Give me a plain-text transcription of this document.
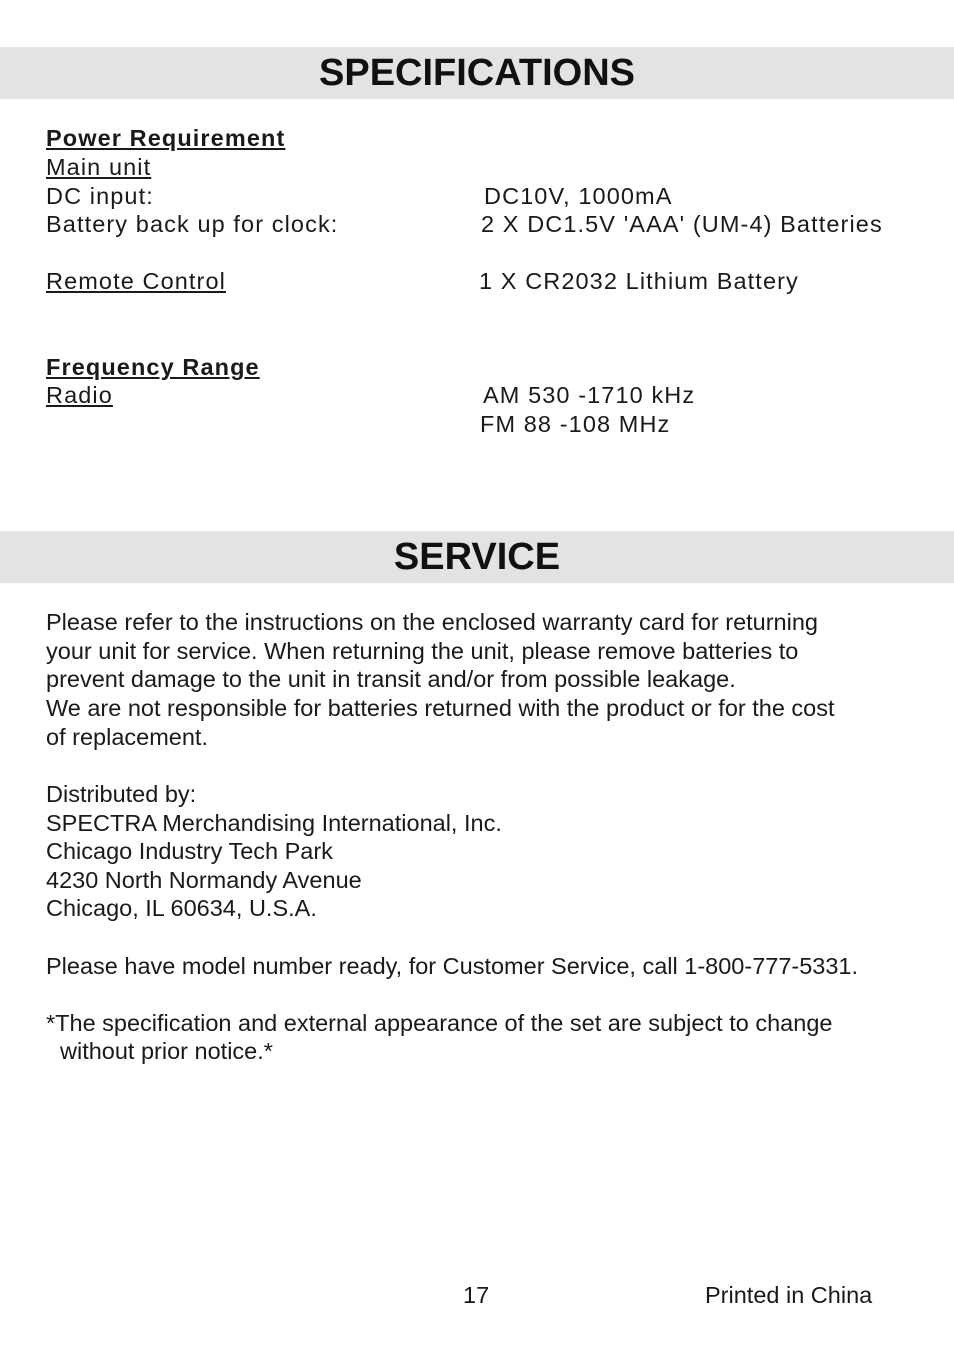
SPECIFICATIONS
Power Requirement
Main unit
DC input:	DC10V, 1000mA
Battery back up for clock:	2 X DC1.5V 'AAA' (UM-4) Batteries
Remote Control	1 X CR2032 Lithium Battery
Frequency Range
Radio	AM 530 -1710 kHz
FM 88 -108 MHz
SERVICE
Please refer to the instructions on the enclosed warranty card for returning
your unit for service. When returning the unit, please remove batteries to
prevent damage to the unit in transit and/or from possible leakage.
We are not responsible for batteries returned with the product or for the cost
of replacement.
Distributed by:
SPECTRA Merchandising International, Inc.
Chicago Industry Tech Park
4230 North Normandy Avenue
Chicago, IL 60634, U.S.A.
Please have model number ready, for Customer Service, call 1-800-777-5331.
*The specification and external appearance of the set are subject to change
without prior notice.*
17	Printed in China
